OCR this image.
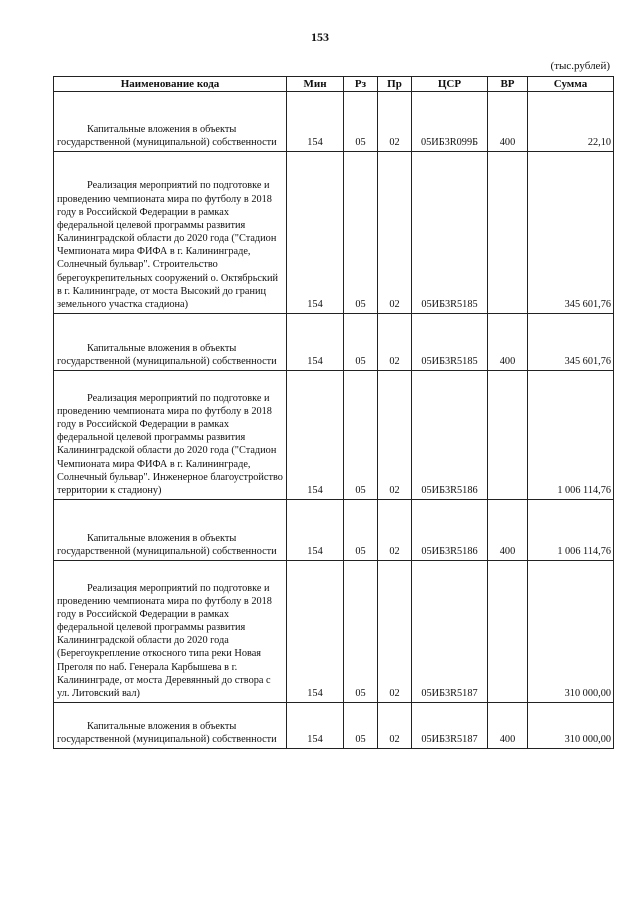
153
(тыс.рублей)
Наименование кода	Мин	Рз	Пр	ЦСР	ВР	Сумма

Капитальные вложения в объекты государственной (муниципальной) собственности	154	05	02	05ИБ3R099Б	400	22,10

Реализация мероприятий по подготовке и проведению чемпионата мира по футболу в 2018 году в Российской Федерации в рамках федеральной целевой программы развития Калининградской области до 2020 года ("Стадион Чемпионата мира ФИФА в г. Калининграде, Солнечный бульвар". Строительство берегоукрепительных сооружений о. Октябрьский в г. Калининграде, от моста Высокий до границ земельного участка стадиона)	154	05	02	05ИБ3R5185		345 601,76

Капитальные вложения в объекты государственной (муниципальной) собственности	154	05	02	05ИБ3R5185	400	345 601,76

Реализация мероприятий по подготовке и проведению чемпионата мира по футболу в 2018 году в Российской Федерации в рамках федеральной целевой программы развития Калининградской области до 2020 года ("Стадион Чемпионата мира ФИФА в г. Калининграде, Солнечный бульвар". Инженерное благоустройство территории к стадиону)	154	05	02	05ИБ3R5186		1 006 114,76

Капитальные вложения в объекты государственной (муниципальной) собственности	154	05	02	05ИБ3R5186	400	1 006 114,76

Реализация мероприятий по подготовке и проведению чемпионата мира по футболу в 2018 году в Российской Федерации в рамках федеральной целевой программы развития Калининградской области до 2020 года (Берегоукрепление откосного типа реки Новая Преголя по наб. Генерала Карбышева в г. Калининграде, от моста Деревянный до створа с ул. Литовский вал)	154	05	02	05ИБ3R5187		310 000,00

Капитальные вложения в объекты государственной (муниципальной) собственности	154	05	02	05ИБ3R5187	400	310 000,00
